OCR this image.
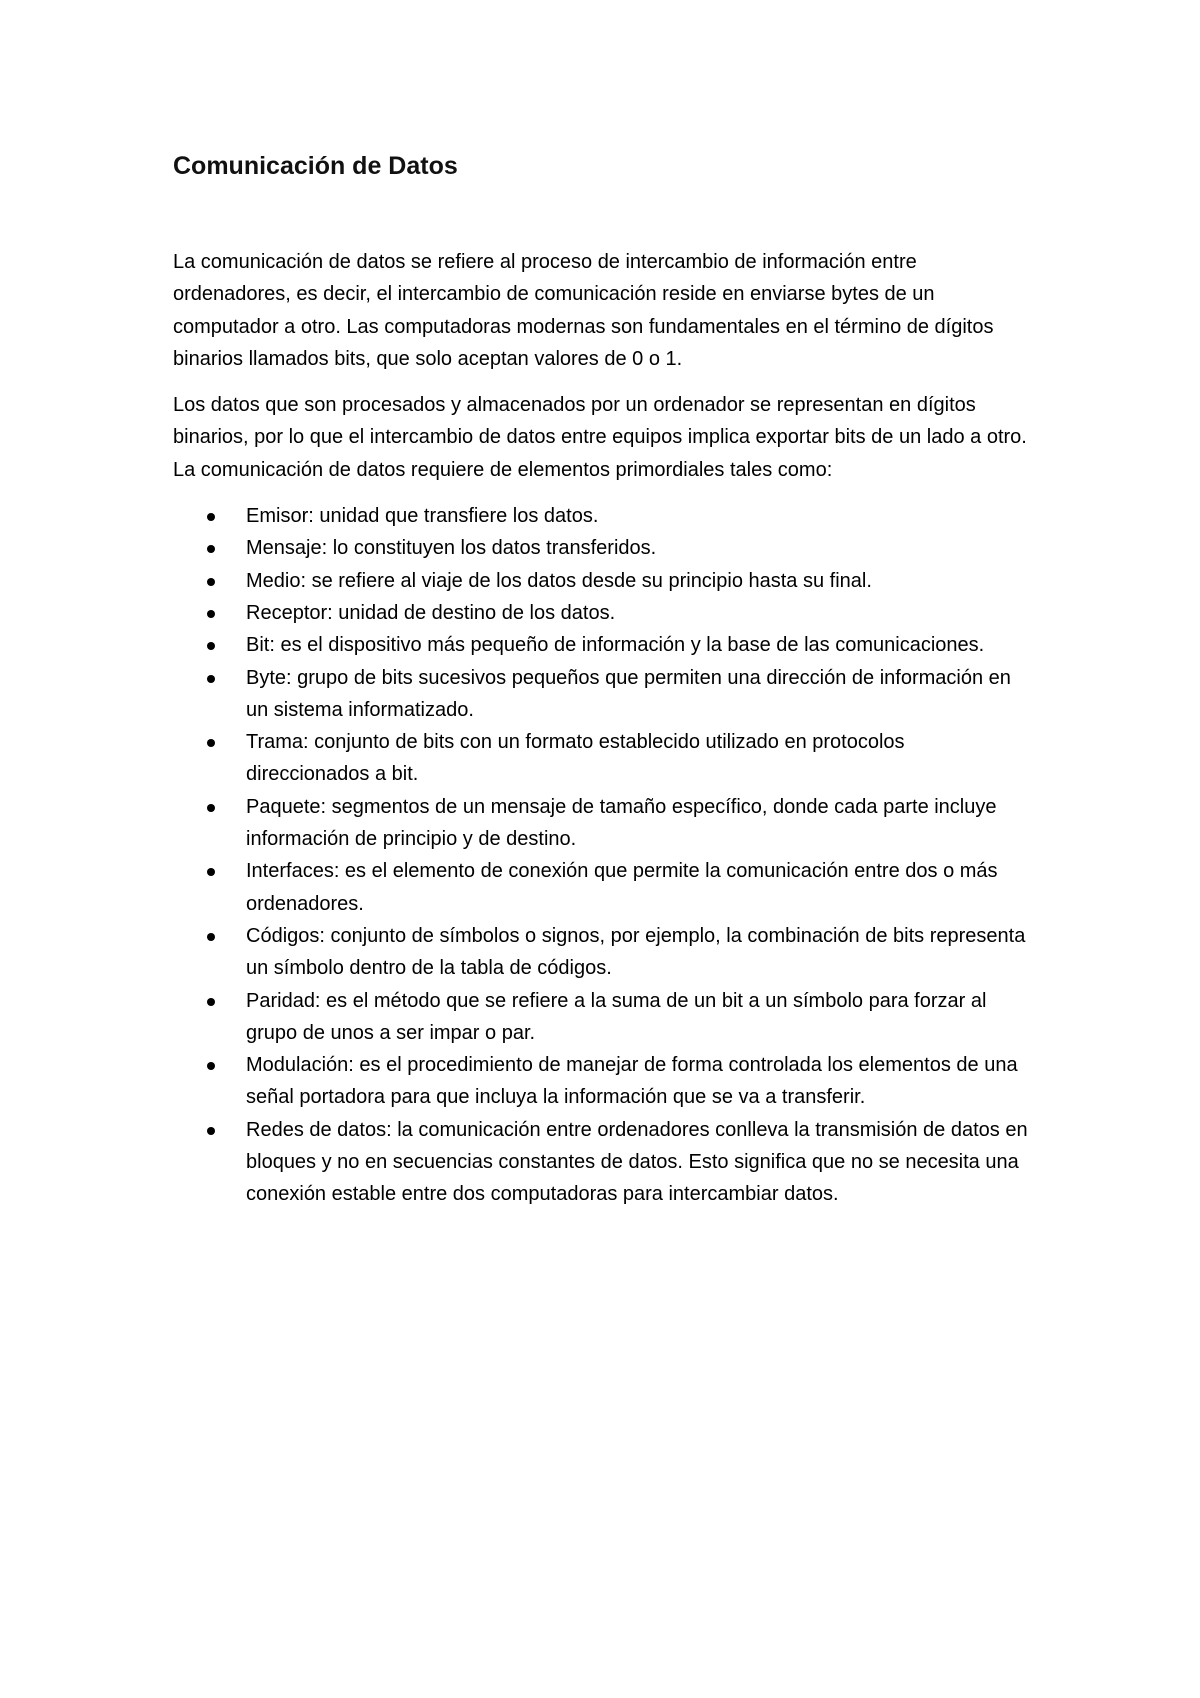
Comunicación de Datos

La comunicación de datos se refiere al proceso de intercambio de información entre ordenadores, es decir, el intercambio de comunicación reside en enviarse bytes de un computador a otro. Las computadoras modernas son fundamentales en el término de dígitos binarios llamados bits, que solo aceptan valores de 0 o 1.

Los datos que son procesados y almacenados por un ordenador se representan en dígitos binarios, por lo que el intercambio de datos entre equipos implica exportar bits de un lado a otro. La comunicación de datos requiere de elementos primordiales tales como:

Emisor: unidad que transfiere los datos.
Mensaje: lo constituyen los datos transferidos.
Medio: se refiere al viaje de los datos desde su principio hasta su final.
Receptor: unidad de destino de los datos.
Bit: es el dispositivo más pequeño de información y la base de las comunicaciones.
Byte: grupo de bits sucesivos pequeños que permiten una dirección de información en un sistema informatizado.
Trama: conjunto de bits con un formato establecido utilizado en protocolos direccionados a bit.
Paquete: segmentos de un mensaje de tamaño específico, donde cada parte incluye información de principio y de destino.
Interfaces: es el elemento de conexión que permite la comunicación entre dos o más ordenadores.
Códigos: conjunto de símbolos o signos, por ejemplo, la combinación de bits representa un símbolo dentro de la tabla de códigos.
Paridad: es el método que se refiere a la suma de un bit a un símbolo para forzar al grupo de unos a ser impar o par.
Modulación: es el procedimiento de manejar de forma controlada los elementos de una señal portadora para que incluya la información que se va a transferir.
Redes de datos: la comunicación entre ordenadores conlleva la transmisión de datos en bloques y no en secuencias constantes de datos. Esto significa que no se necesita una conexión estable entre dos computadoras para intercambiar datos.
